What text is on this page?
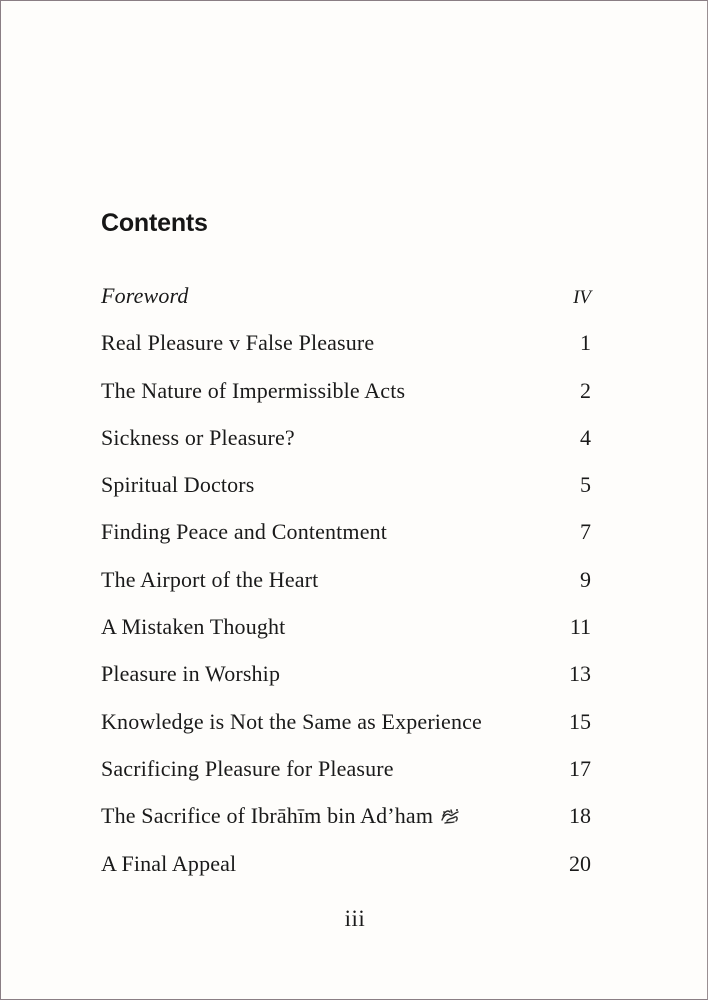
Contents
Foreword	IV
Real Pleasure v False Pleasure	1
The Nature of Impermissible Acts	2
Sickness or Pleasure?	4
Spiritual Doctors	5
Finding Peace and Contentment	7
The Airport of the Heart	9
A Mistaken Thought	11
Pleasure in Worship	13
Knowledge is Not the Same as Experience	15
Sacrificing Pleasure for Pleasure	17
The Sacrifice of Ibrāhīm bin Ad’ham	18
A Final Appeal	20
iii
